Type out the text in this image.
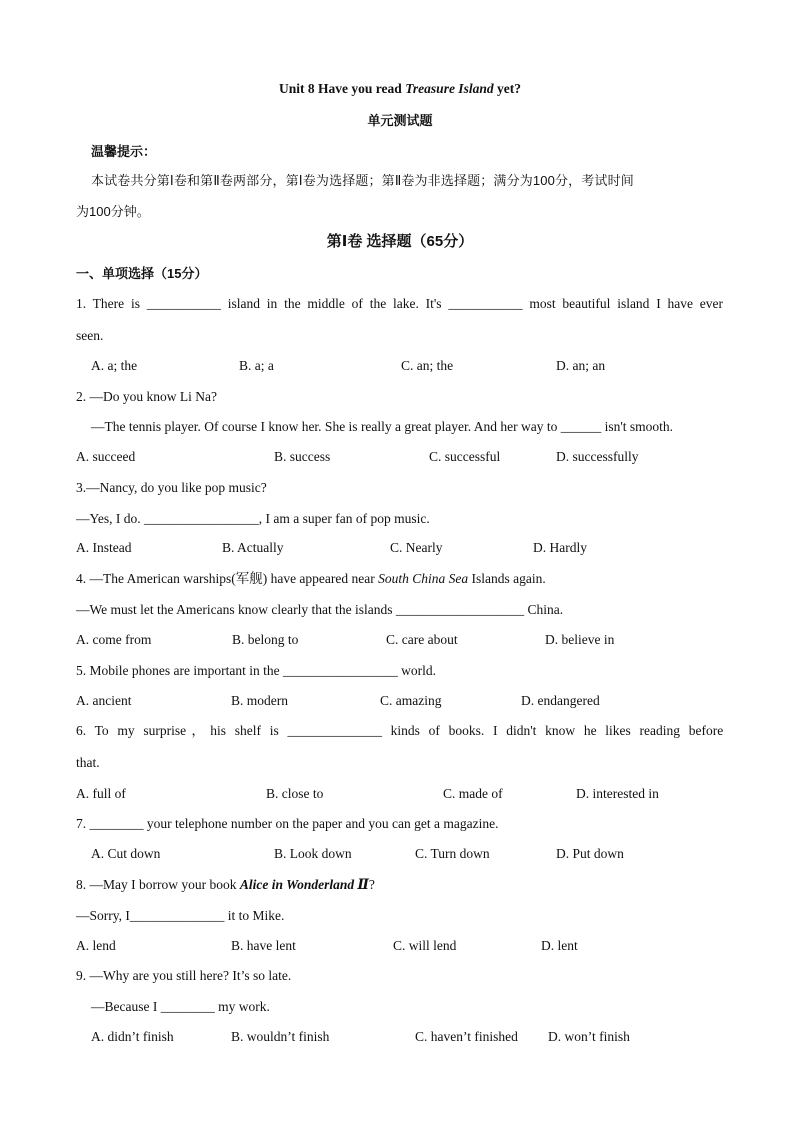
Unit 8 Have you read Treasure Island yet?
单元测试题
温馨提示：
本试卷共分第Ⅰ卷和第Ⅱ卷两部分，第Ⅰ卷为选择题；第Ⅱ卷为非选择题；满分为100分，考试时间
为100分钟。
第Ⅰ卷 选择题（65分）
一、单项选择（15分）
1. There is ___________ island in the middle of the lake. It's ___________ most beautiful island I have ever
seen.
A. a; the	B. a; a	C. an; the	D. an; an
2. —Do you know Li Na?
—The tennis player. Of course I know her. She is really a great player. And her way to ______ isn't smooth.
A. succeed	B. success	C. successful	D. successfully
3.—Nancy, do you like pop music?
—Yes, I do. _________________, I am a super fan of pop music.
A. Instead	B. Actually	C. Nearly	D. Hardly
4. —The American warships(军舰) have appeared near South China Sea Islands again.
—We must let the Americans know clearly that the islands ___________________ China.
A. come from	B. belong to	C. care about	D. believe in
5. Mobile phones are important in the _________________ world.
A. ancient	B. modern	C. amazing	D. endangered
6. To my surprise，his shelf is ______________ kinds of books. I didn't know he likes reading before
that.
A. full of	B. close to	C. made of	D. interested in
7. ________ your telephone number on the paper and you can get a magazine.
A. Cut down	B. Look down	C. Turn down	D. Put down
8. —May I borrow your book Alice in Wonderland Ⅱ?
—Sorry, I______________ it to Mike.
A. lend	B. have lent	C. will lend	D. lent
9. —Why are you still here? It’s so late.
—Because I ________ my work.
A. didn’t finish	B. wouldn’t finish	C. haven’t finished D. won’t finish
